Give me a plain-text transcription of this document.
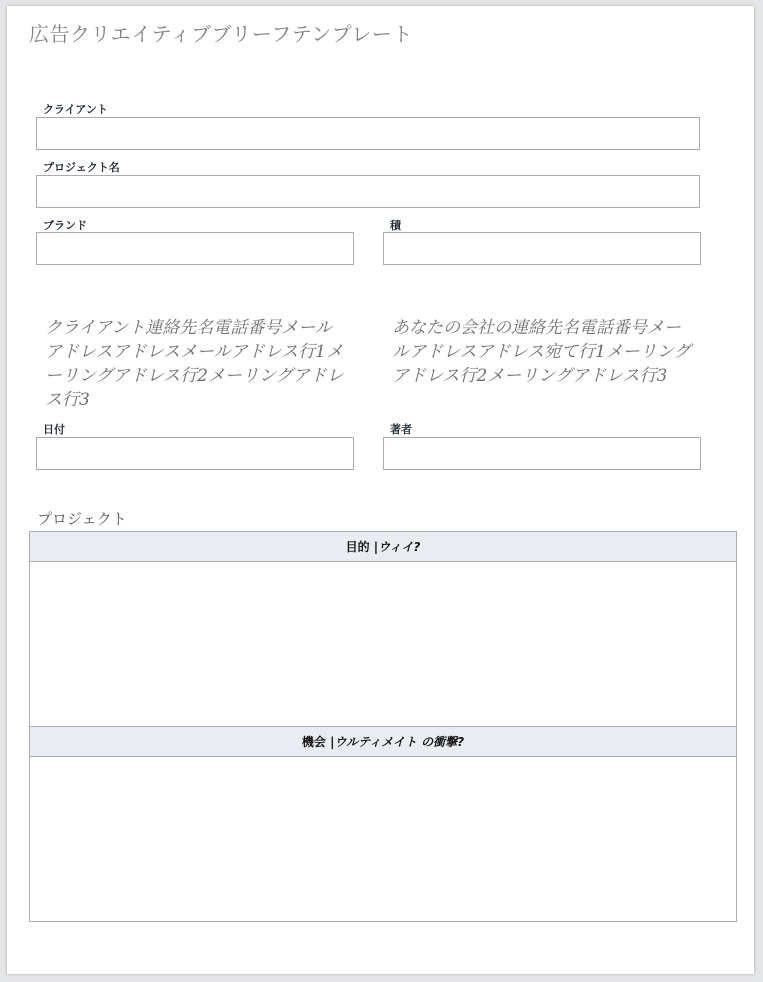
広告クリエイティブブリーフテンプレート
クライアント
プロジェクト名
ブランド	積
クライアント連絡先名電話番号メールアドレスアドレスメールアドレス行1メーリングアドレス行2メーリングアドレス行3
あなたの会社の連絡先名電話番号メールアドレスアドレス宛て行1メーリングアドレス行2メーリングアドレス行3
日付	著者
プロジェクト
目的 | ウィイ?
機会 | ウルティメイト の衝撃?
